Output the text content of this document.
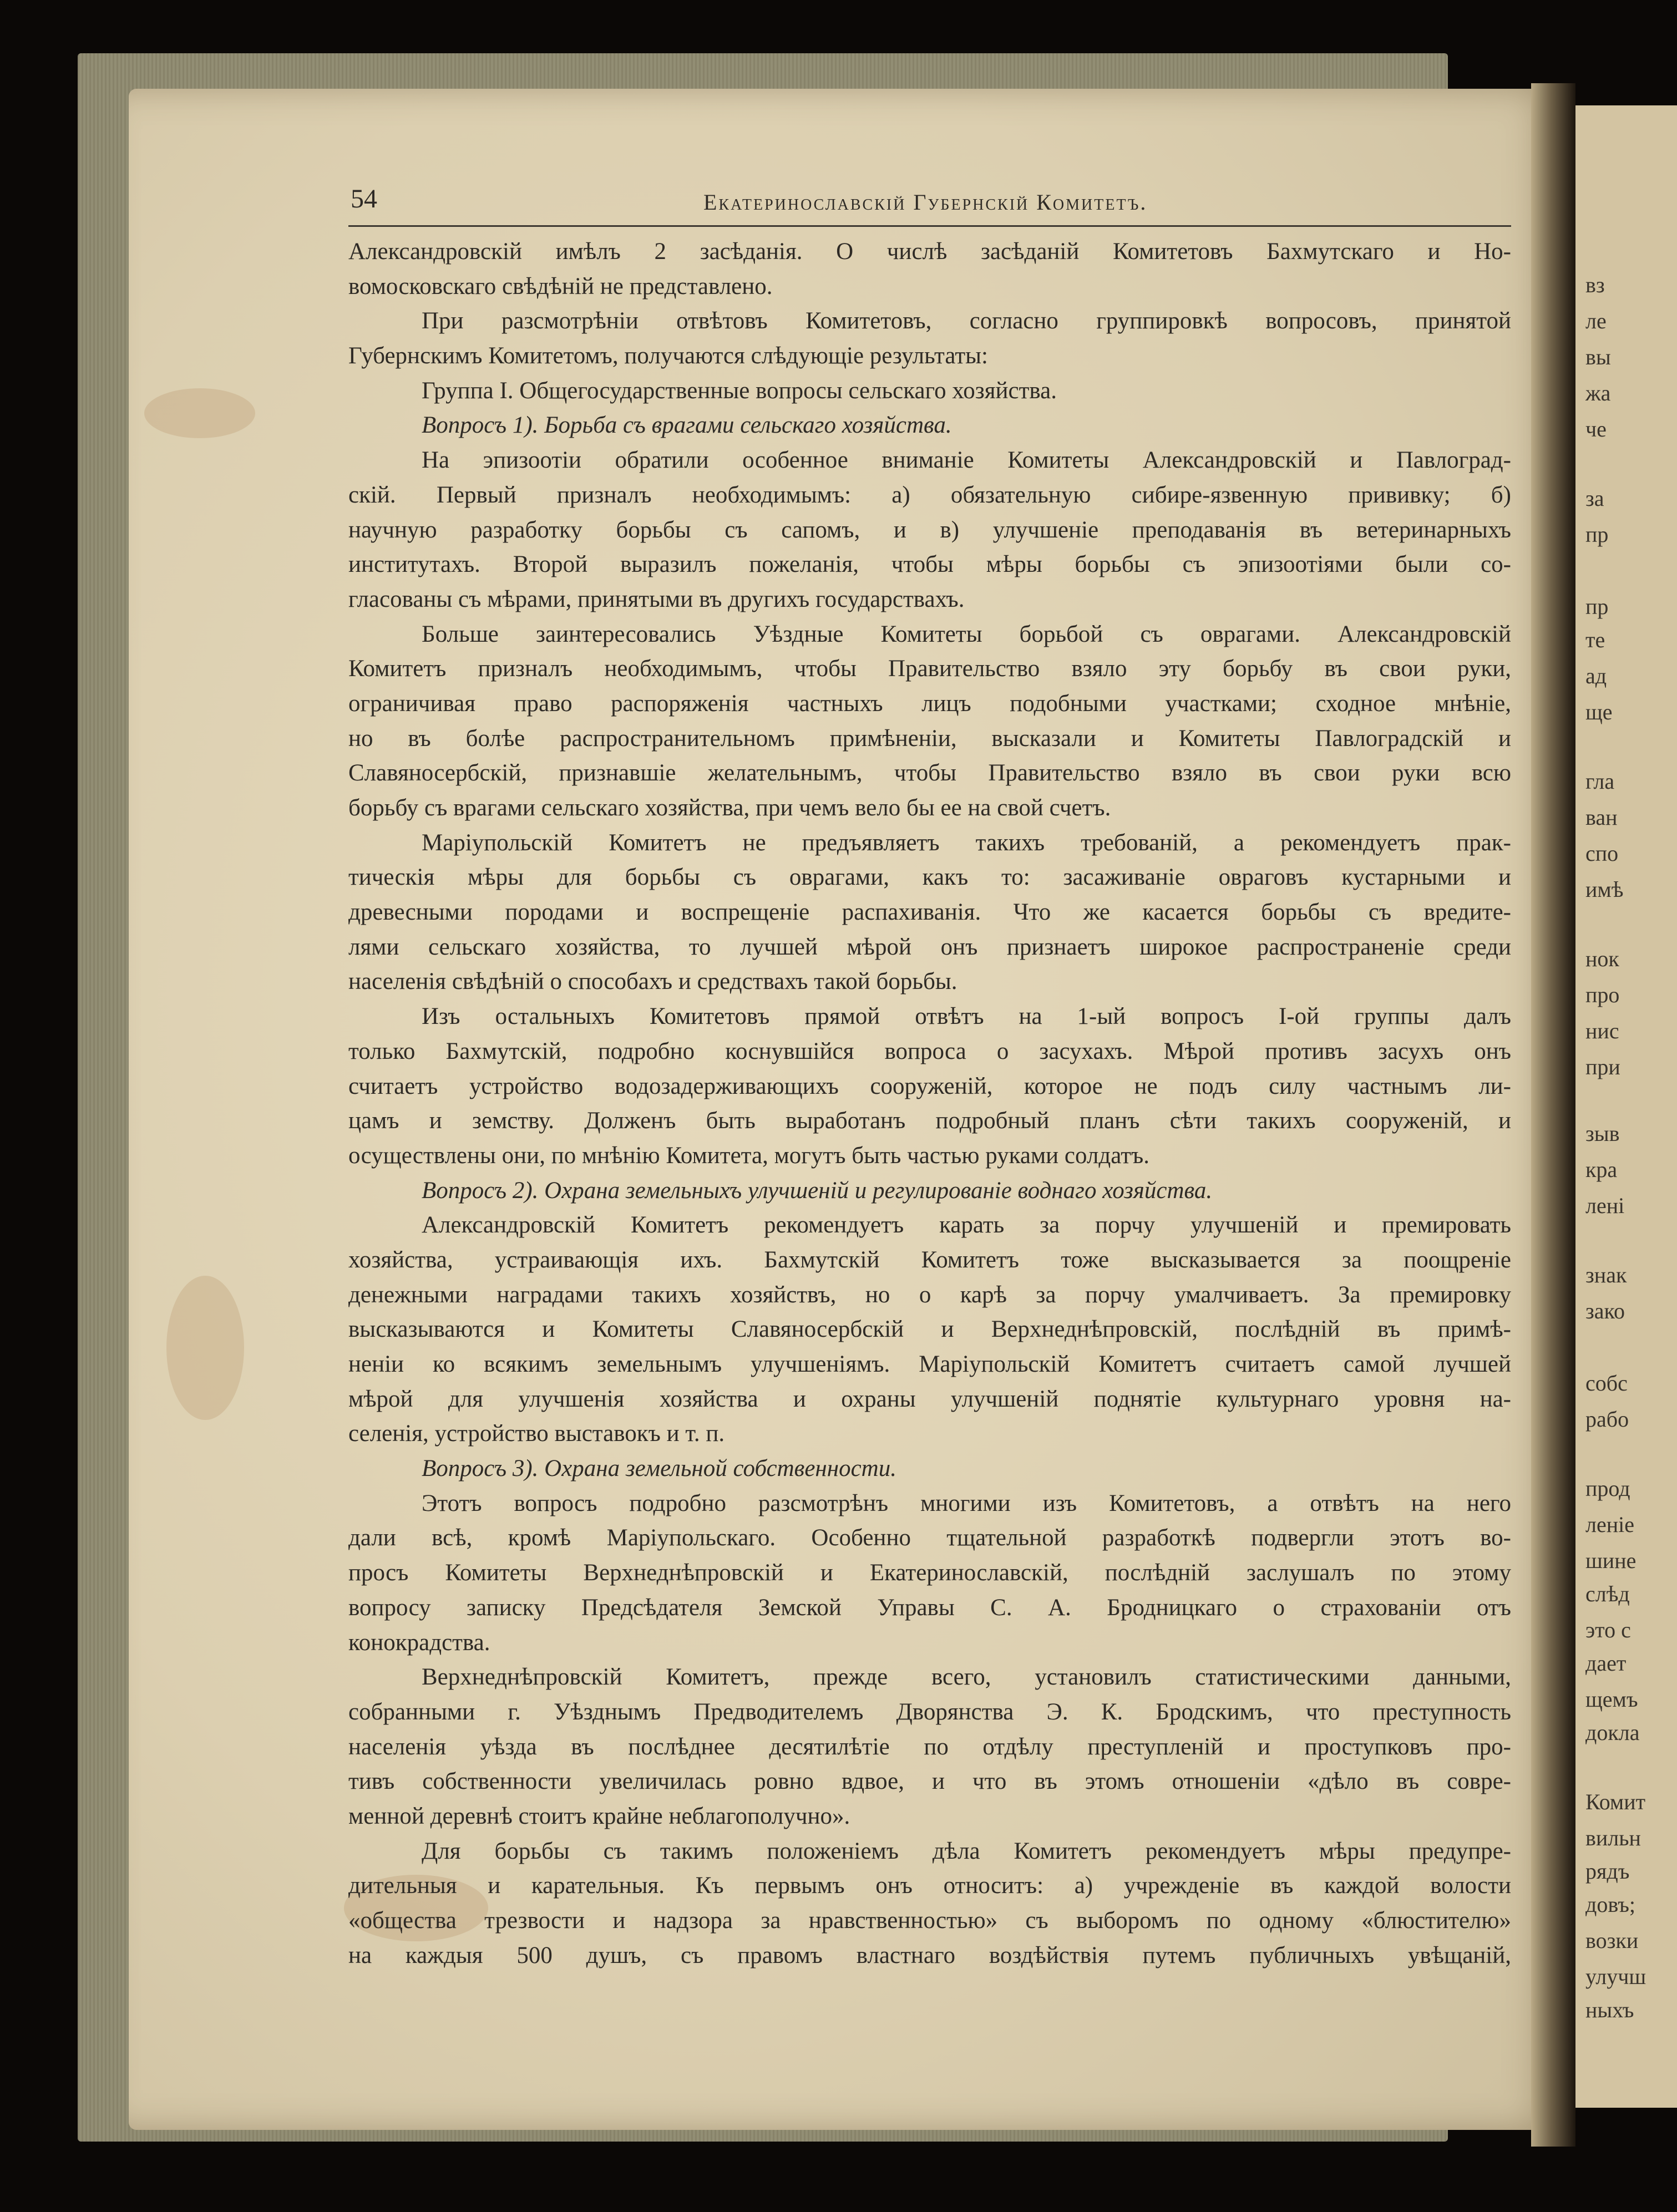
54	Екатеринославскій Губернскій Комитетъ.
Александровскій имѣлъ 2 засѣданія. О числѣ засѣданій Комитетовъ Бахмутскаго и Но-
вомосковскаго свѣдѣній не представлено.
При разсмотрѣніи отвѣтовъ Комитетовъ, согласно группировкѣ вопросовъ, принятой
Губернскимъ Комитетомъ, получаются слѣдующіе результаты:
Группа I. Общегосударственные вопросы сельскаго хозяйства.
Вопросъ 1). Борьба съ врагами сельскаго хозяйства.
На эпизоотіи обратили особенное вниманіе Комитеты Александровскій и Павлоград-
скій. Первый призналъ необходимымъ: а) обязательную сибире-язвенную прививку; б)
научную разработку борьбы съ сапомъ, и в) улучшеніе преподаванія въ ветеринарныхъ
институтахъ. Второй выразилъ пожеланія, чтобы мѣры борьбы съ эпизоотіями были со-
гласованы съ мѣрами, принятыми въ другихъ государствахъ.
Больше заинтересовались Уѣздные Комитеты борьбой съ оврагами. Александровскій
Комитетъ призналъ необходимымъ, чтобы Правительство взяло эту борьбу въ свои руки,
ограничивая право распоряженія частныхъ лицъ подобными участками; сходное мнѣніе,
но въ болѣе распространительномъ примѣненіи, высказали и Комитеты Павлоградскій и
Славяносербскій, признавшіе желательнымъ, чтобы Правительство взяло въ свои руки всю
борьбу съ врагами сельскаго хозяйства, при чемъ вело бы ее на свой счетъ.
Маріупольскій Комитетъ не предъявляетъ такихъ требованій, а рекомендуетъ прак-
тическія мѣры для борьбы съ оврагами, какъ то: засаживаніе овраговъ кустарными и
древесными породами и воспрещеніе распахиванія. Что же касается борьбы съ вредите-
лями сельскаго хозяйства, то лучшей мѣрой онъ признаетъ широкое распространеніе среди
населенія свѣдѣній о способахъ и средствахъ такой борьбы.
Изъ остальныхъ Комитетовъ прямой отвѣтъ на 1-ый вопросъ I-ой группы далъ
только Бахмутскій, подробно коснувшійся вопроса о засухахъ. Мѣрой противъ засухъ онъ
считаетъ устройство водозадерживающихъ сооруженій, которое не подъ силу частнымъ ли-
цамъ и земству. Долженъ быть выработанъ подробный планъ сѣти такихъ сооруженій, и
осуществлены они, по мнѣнію Комитета, могутъ быть частью руками солдатъ.
Вопросъ 2). Охрана земельныхъ улучшеній и регулированіе воднаго хозяйства.
Александровскій Комитетъ рекомендуетъ карать за порчу улучшеній и премировать
хозяйства, устраивающія ихъ. Бахмутскій Комитетъ тоже высказывается за поощреніе
денежными наградами такихъ хозяйствъ, но о карѣ за порчу умалчиваетъ. За премировку
высказываются и Комитеты Славяносербскій и Верхнеднѣпровскій, послѣдній въ примѣ-
неніи ко всякимъ земельнымъ улучшеніямъ. Маріупольскій Комитетъ считаетъ самой лучшей
мѣрой для улучшенія хозяйства и охраны улучшеній поднятіе культурнаго уровня на-
селенія, устройство выставокъ и т. п.
Вопросъ 3). Охрана земельной собственности.
Этотъ вопросъ подробно разсмотрѣнъ многими изъ Комитетовъ, а отвѣтъ на него
дали всѣ, кромѣ Маріупольскаго. Особенно тщательной разработкѣ подвергли этотъ во-
просъ Комитеты Верхнеднѣпровскій и Екатеринославскій, послѣдній заслушалъ по этому
вопросу записку Предсѣдателя Земской Управы С. А. Бродницкаго о страхованіи отъ
конокрадства.
Верхнеднѣпровскій Комитетъ, прежде всего, установилъ статистическими данными,
собранными г. Уѣзднымъ Предводителемъ Дворянства Э. К. Бродскимъ, что преступность
населенія уѣзда въ послѣднее десятилѣтіе по отдѣлу преступленій и проступковъ про-
тивъ собственности увеличилась ровно вдвое, и что въ этомъ отношеніи «дѣло въ совре-
менной деревнѣ стоитъ крайне неблагополучно».
Для борьбы съ такимъ положеніемъ дѣла Комитетъ рекомендуетъ мѣры предупре-
дительныя и карательныя. Къ первымъ онъ относитъ: а) учрежденіе въ каждой волости
«общества трезвости и надзора за нравственностью» съ выборомъ по одному «блюстителю»
на каждыя 500 душъ, съ правомъ властнаго воздѣйствія путемъ публичныхъ увѣщаній,
вз
ле
вы
жа
че
за
пр
пр
те
ад
ще
гла
ван
спо
имѣ
нок
про
нис
при
зыв
кра
лені
знак
зако
собс
рабо
прод
леніе
шине
слѣд
это с
дает
щемъ
докла
Комит
вильн
рядъ
довъ;
возки
улучш
ныхъ
